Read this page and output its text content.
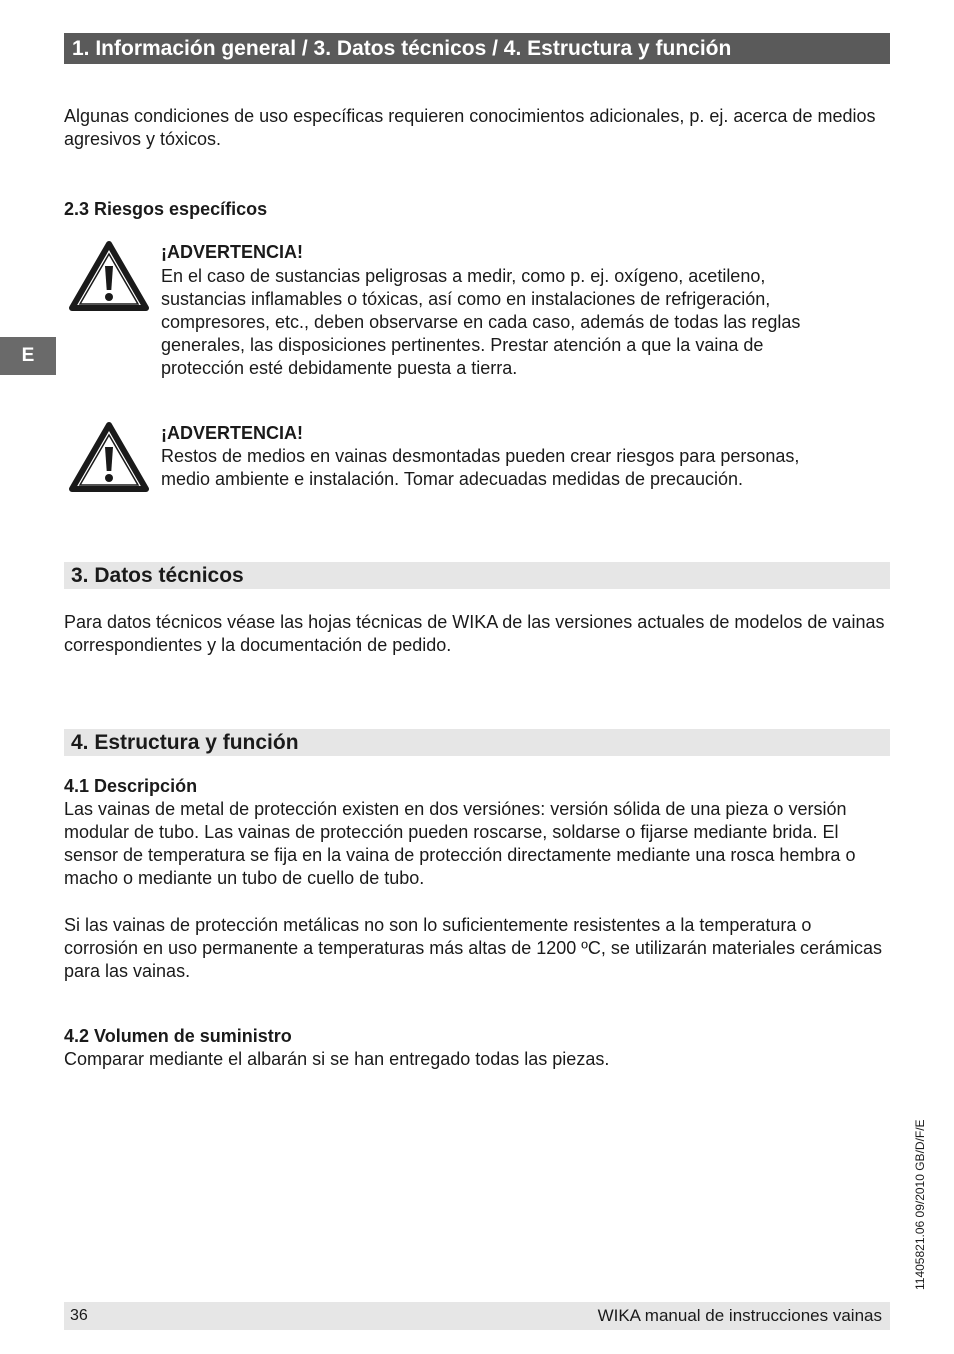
1. Información general / 3. Datos técnicos / 4. Estructura y función
E
Algunas condiciones de uso específicas requieren conocimientos adicionales, p. ej. acerca de medios agresivos y tóxicos.
2.3 Riesgos específicos
¡ADVERTENCIA!
En el caso de sustancias peligrosas a medir, como p. ej. oxígeno, acetileno, sustancias inflamables o tóxicas, así como en instalaciones de refrigeración, compresores, etc., deben observarse en cada caso, además de todas las reglas generales, las disposiciones pertinentes. Prestar atención a que la vaina de protección esté debidamente puesta a tierra.
¡ADVERTENCIA!
Restos de medios en vainas desmontadas pueden crear riesgos para personas, medio ambiente e instalación. Tomar adecuadas medidas de precaución.
3. Datos técnicos
Para datos técnicos véase las hojas técnicas de WIKA de las versiones actuales de modelos de vainas correspondientes y la documentación de pedido.
4. Estructura y función
4.1 Descripción
Las vainas de metal de protección existen en dos versiónes: versión sólida de una pieza o versión modular de tubo. Las vainas de protección pueden roscarse, soldarse o fijarse mediante brida. El sensor de temperatura se fija en la vaina de protección directamente mediante una rosca hembra o macho o mediante un tubo de cuello de tubo.
Si las vainas de protección metálicas no son lo suficientemente resistentes a la temperatura o corrosión en uso permanente a temperaturas más altas de 1200 ºC, se utilizarán materiales cerámicas para las vainas.
4.2 Volumen de suministro
Comparar mediante el albarán si se han entregado todas las piezas.
11405821.06 09/2010 GB/D/F/E
36	WIKA manual de instrucciones vainas
